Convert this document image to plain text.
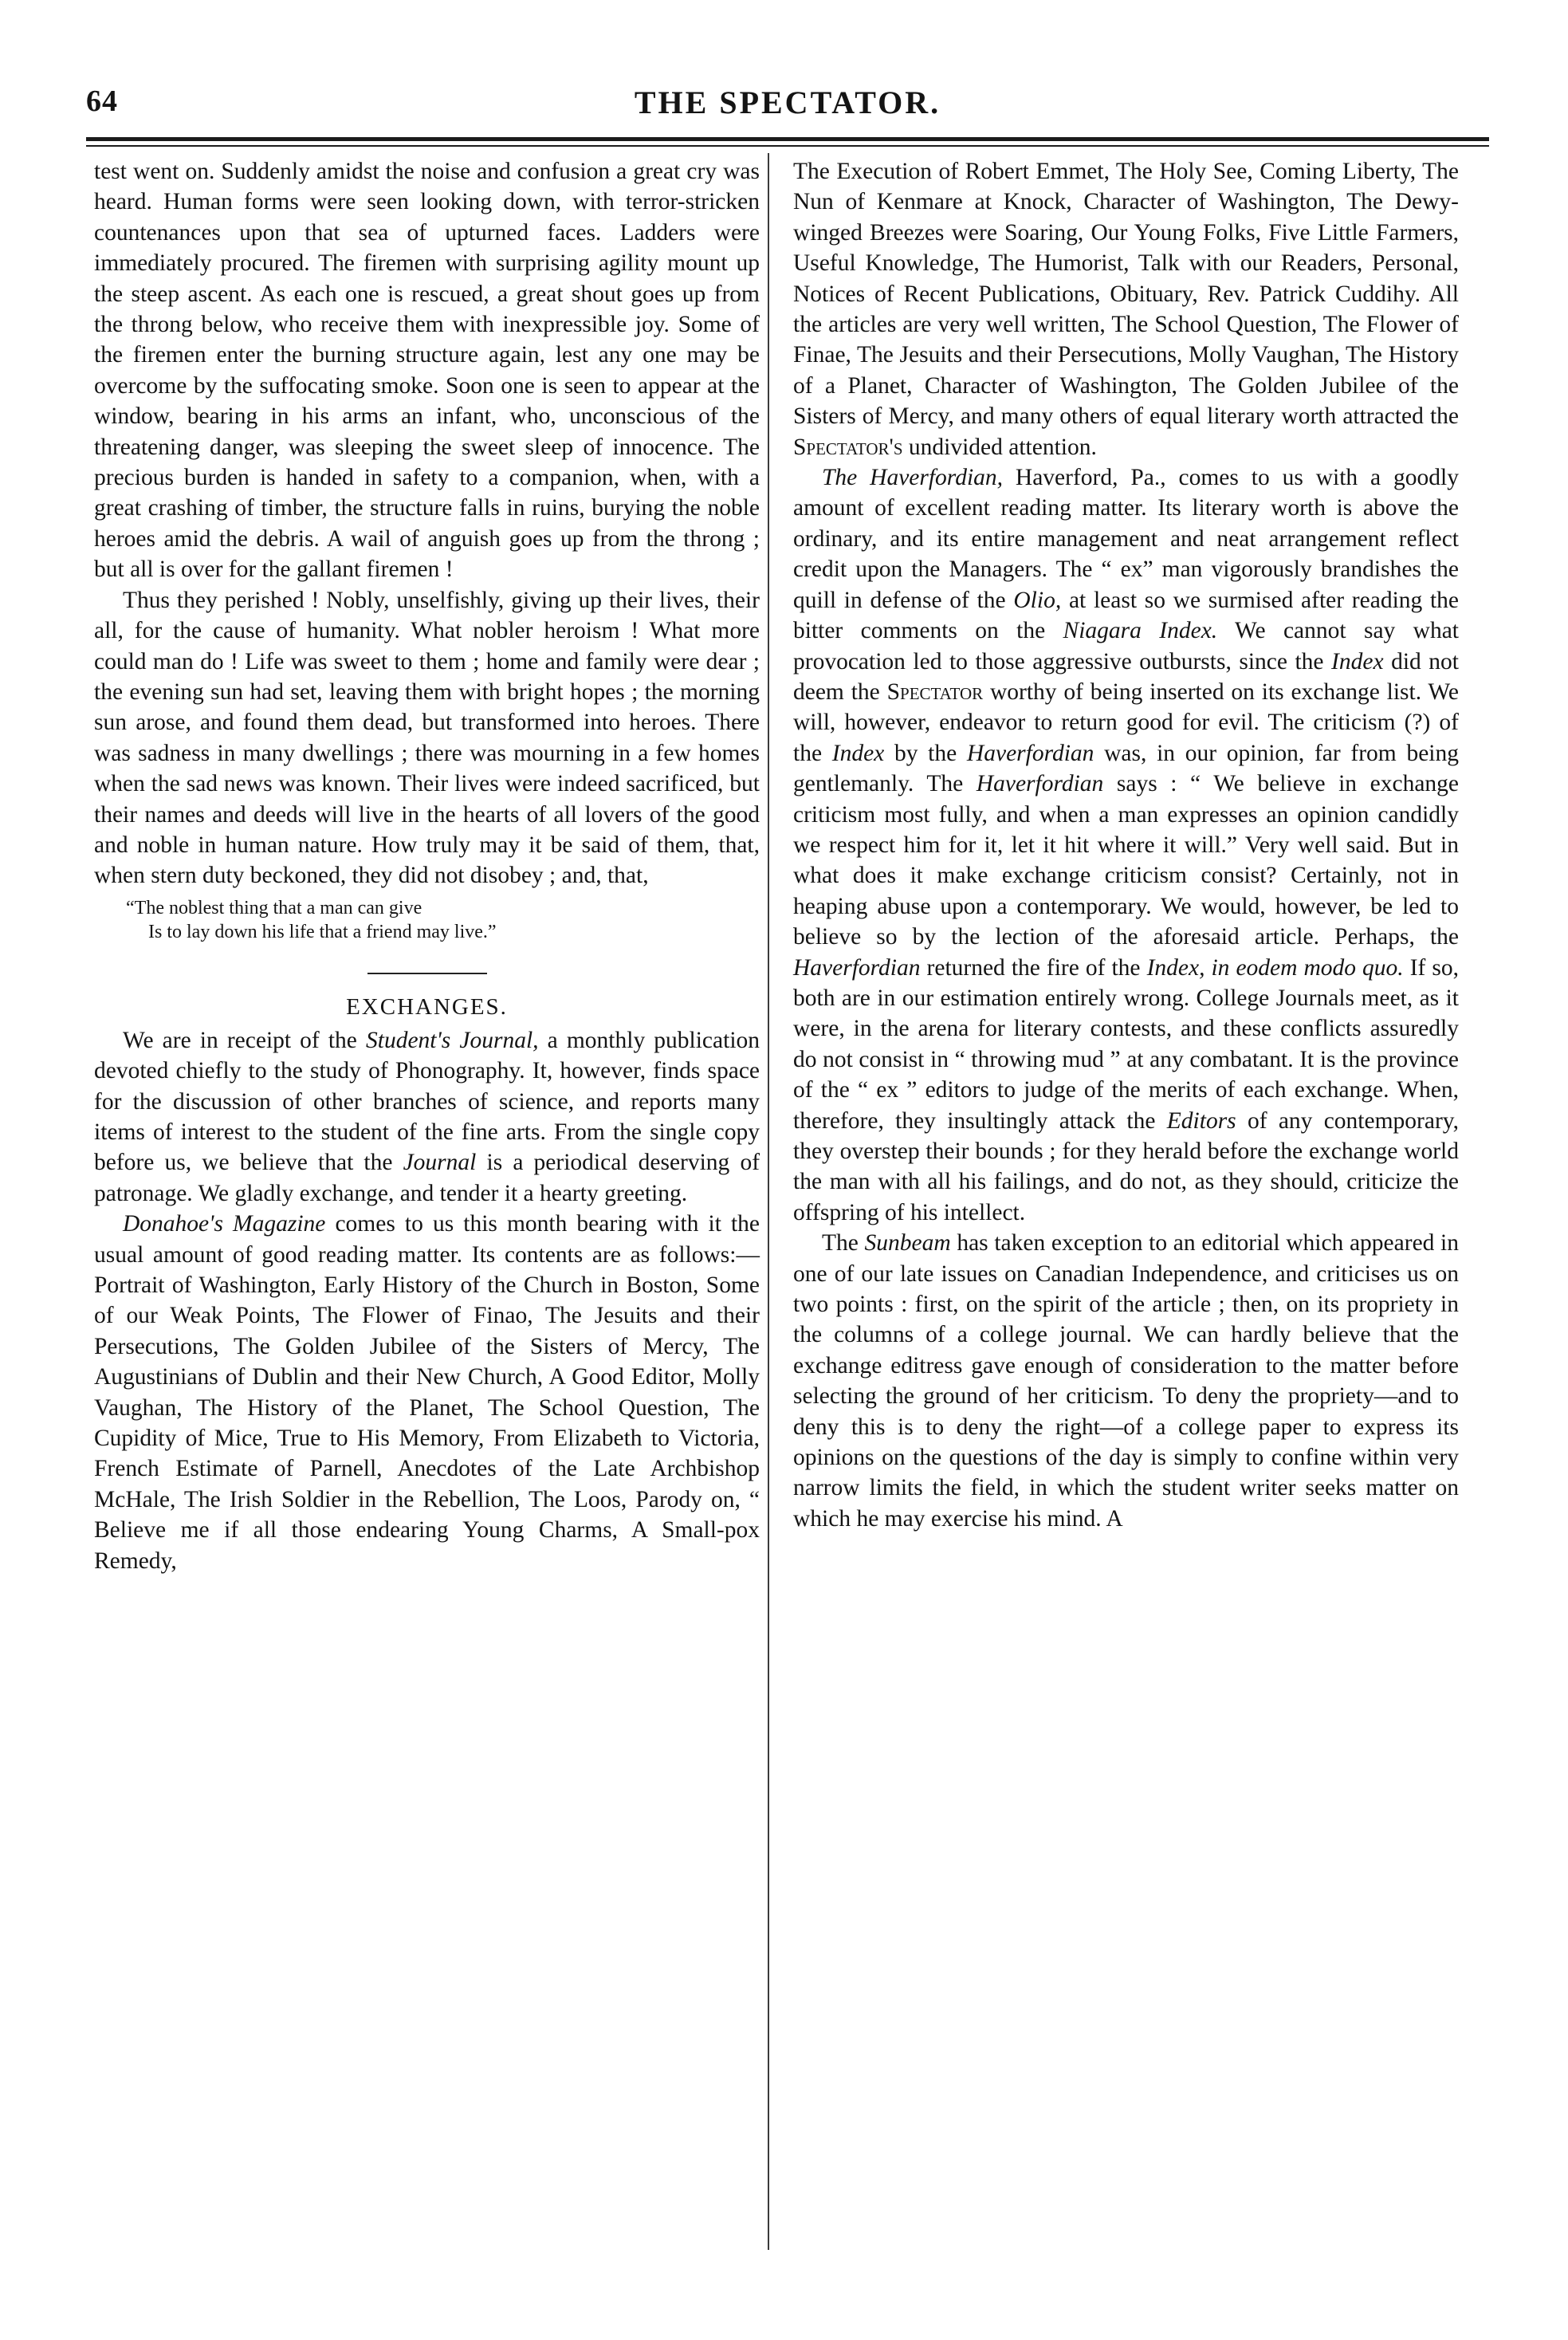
64	THE SPECTATOR.

test went on. Suddenly amidst the noise and confusion a great cry was heard. Human forms were seen looking down, with terror-stricken countenances upon that sea of upturned faces. Ladders were immediately procured. The firemen with surprising agility mount up the steep ascent. As each one is rescued, a great shout goes up from the throng below, who receive them with inexpressible joy. Some of the firemen enter the burning structure again, lest any one may be overcome by the suffocating smoke. Soon one is seen to appear at the window, bearing in his arms an infant, who, unconscious of the threatening danger, was sleeping the sweet sleep of innocence. The precious burden is handed in safety to a companion, when, with a great crashing of timber, the structure falls in ruins, burying the noble heroes amid the debris. A wail of anguish goes up from the throng ; but all is over for the gallant firemen !

Thus they perished ! Nobly, unselfishly, giving up their lives, their all, for the cause of humanity. What nobler heroism ! What more could man do ! Life was sweet to them ; home and family were dear ; the evening sun had set, leaving them with bright hopes ; the morning sun arose, and found them dead, but transformed into heroes. There was sadness in many dwellings ; there was mourning in a few homes when the sad news was known. Their lives were indeed sacrificed, but their names and deeds will live in the hearts of all lovers of the good and noble in human nature. How truly may it be said of them, that, when stern duty beckoned, they did not disobey ; and, that,

“The noblest thing that a man can give
Is to lay down his life that a friend may live.”
EXCHANGES.

We are in receipt of the Student's Journal, a monthly publication devoted chiefly to the study of Phonography. It, however, finds space for the discussion of other branches of science, and reports many items of interest to the student of the fine arts. From the single copy before us, we believe that the Journal is a periodical deserving of patronage. We gladly exchange, and tender it a hearty greeting.

Donahoe's Magazine comes to us this month bearing with it the usual amount of good reading matter. Its contents are as follows:— Portrait of Washington, Early History of the Church in Boston, Some of our Weak Points, The Flower of Finao, The Jesuits and their Persecutions, The Golden Jubilee of the Sisters of Mercy, The Augustinians of Dublin and their New Church, A Good Editor, Molly Vaughan, The History of the Planet, The School Question, The Cupidity of Mice, True to His Memory, From Elizabeth to Victoria, French Estimate of Parnell, Anecdotes of the Late Archbishop McHale, The Irish Soldier in the Rebellion, The Loos, Parody on, “ Believe me if all those endearing Young Charms, A Small-pox Remedy,

The Execution of Robert Emmet, The Holy See, Coming Liberty, The Nun of Kenmare at Knock, Character of Washington, The Dewy-winged Breezes were Soaring, Our Young Folks, Five Little Farmers, Useful Knowledge, The Humorist, Talk with our Readers, Personal, Notices of Recent Publications, Obituary, Rev. Patrick Cuddihy. All the articles are very well written, The School Question, The Flower of Finae, The Jesuits and their Persecutions, Molly Vaughan, The History of a Planet, Character of Washington, The Golden Jubilee of the Sisters of Mercy, and many others of equal literary worth attracted the Spectator's undivided attention.

The Haverfordian, Haverford, Pa., comes to us with a goodly amount of excellent reading matter. Its literary worth is above the ordinary, and its entire management and neat arrangement reflect credit upon the Managers. The “ ex” man vigorously brandishes the quill in defense of the Olio, at least so we surmised after reading the bitter comments on the Niagara Index. We cannot say what provocation led to those aggressive outbursts, since the Index did not deem the Spectator worthy of being inserted on its exchange list. We will, however, endeavor to return good for evil. The criticism (?) of the Index by the Haverfordian was, in our opinion, far from being gentlemanly. The Haverfordian says : “ We believe in exchange criticism most fully, and when a man expresses an opinion candidly we respect him for it, let it hit where it will.” Very well said. But in what does it make exchange criticism consist? Certainly, not in heaping abuse upon a contemporary. We would, however, be led to believe so by the lection of the aforesaid article. Perhaps, the Haverfordian returned the fire of the Index, in eodem modo quo. If so, both are in our estimation entirely wrong. College Journals meet, as it were, in the arena for literary contests, and these conflicts assuredly do not consist in “ throwing mud ” at any combatant. It is the province of the “ ex ” editors to judge of the merits of each exchange. When, therefore, they insultingly attack the Editors of any contemporary, they overstep their bounds ; for they herald before the exchange world the man with all his failings, and do not, as they should, criticize the offspring of his intellect.

The Sunbeam has taken exception to an editorial which appeared in one of our late issues on Canadian Independence, and criticises us on two points : first, on the spirit of the article ; then, on its propriety in the columns of a college journal. We can hardly believe that the exchange editress gave enough of consideration to the matter before selecting the ground of her criticism. To deny the propriety—and to deny this is to deny the right—of a college paper to express its opinions on the questions of the day is simply to confine within very narrow limits the field, in which the student writer seeks matter on which he may exercise his mind. A
